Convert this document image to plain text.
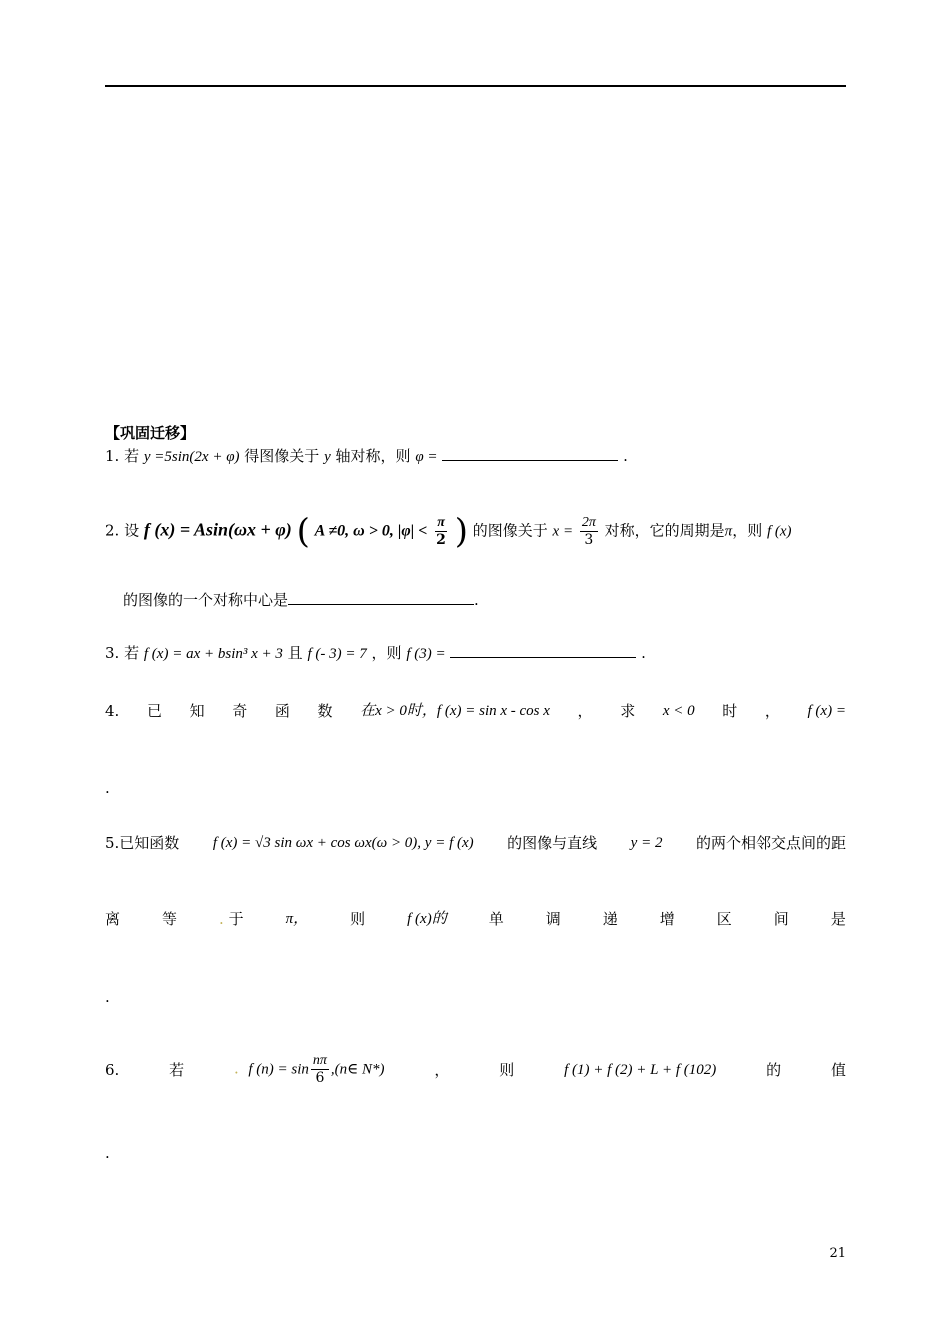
【巩固迁移】
1. 若 y =5sin(2x + φ) 得图像关于 y 轴对称，则 φ =	.
2. 设 f (x) = Asin(ωx + φ) ( A ≠0, ω > 0, $|\varphi| < \frac{\pi}{2}$ ) 的图像关于 $x = \frac{2\pi}{3}$ 对称，它的周期是π，则 f (x)
的图像的一个对称中心是	.
3. 若 f (x) = ax + bsin³ x + 3 且 f (- 3) = 7 ，则 f (3) =	.
4. 已 知 奇 函 数 在x > 0时，f (x) = sin x - cos x ， 求 x < 0 时 ， f (x) =
.
5.已知函数 f (x) = √3 sin ωx + cos ωx(ω > 0), y = f (x) 的图像与直线 y = 2 的两个相邻交点间的距
离	等	. 于	π，	则	f (x)的	单	调	递	增	区	间	是
.
6.	若	. f $(n) = \sin \frac{n\pi}{6}$ ,(n∈ N*)	，	则	f (1) + f (2) + L + f (102)	的	值
.
21
